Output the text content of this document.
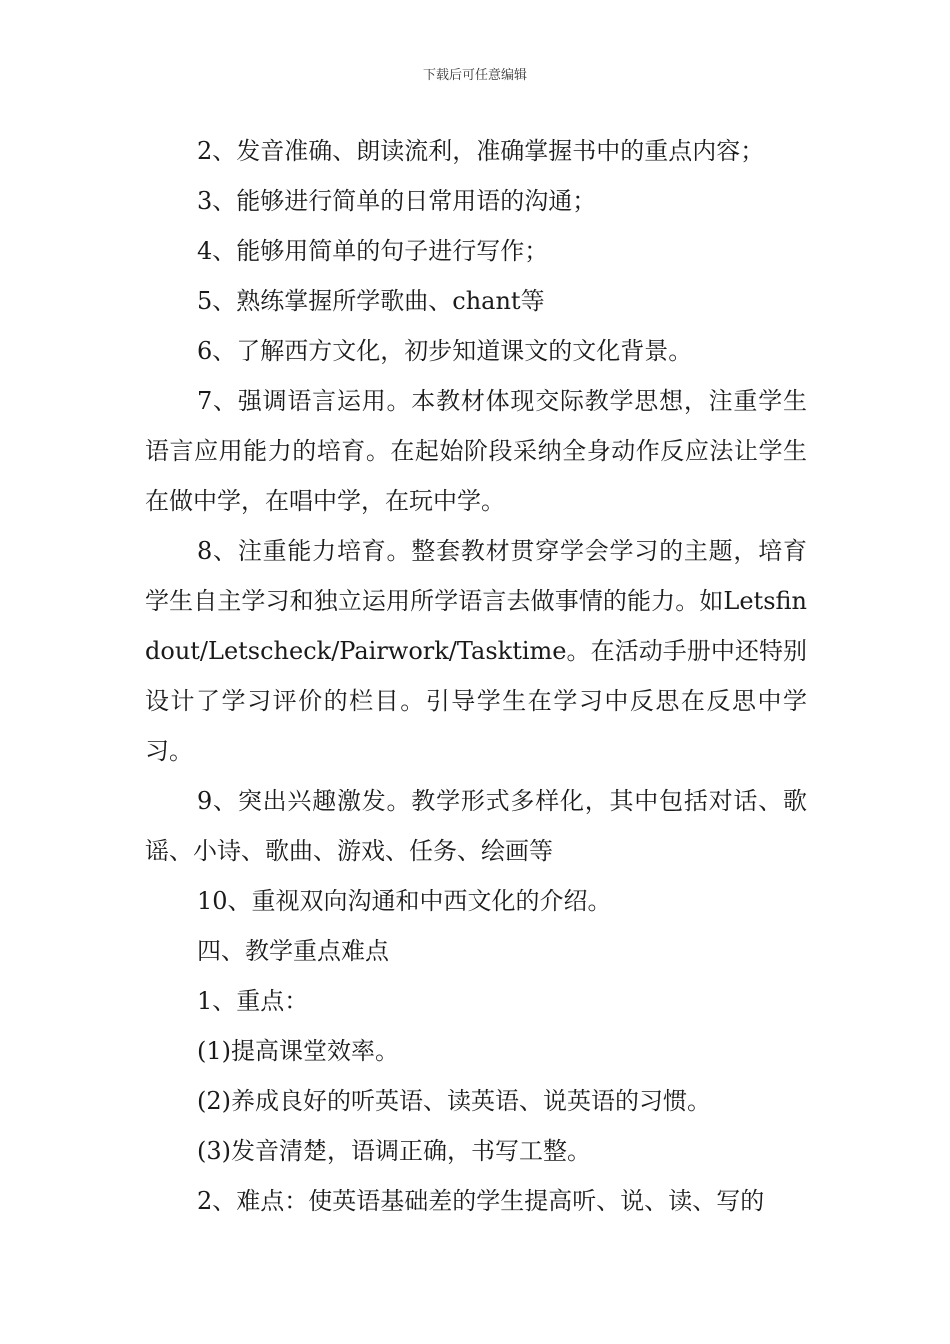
下载后可任意编辑

2、发音准确、朗读流利，准确掌握书中的重点内容；

3、能够进行简单的日常用语的沟通；

4、能够用简单的句子进行写作；

5、熟练掌握所学歌曲、chant等

6、了解西方文化，初步知道课文的文化背景。

7、强调语言运用。本教材体现交际教学思想，注重学生语言应用能力的培育。在起始阶段采纳全身动作反应法让学生在做中学，在唱中学，在玩中学。

8、注重能力培育。整套教材贯穿学会学习的主题，培育学生自主学习和独立运用所学语言去做事情的能力。如Letsfindout/Letscheck/Pairwork/Tasktime。在活动手册中还特别设计了学习评价的栏目。引导学生在学习中反思在反思中学习。

9、突出兴趣激发。教学形式多样化，其中包括对话、歌谣、小诗、歌曲、游戏、任务、绘画等

10、重视双向沟通和中西文化的介绍。

四、教学重点难点

1、重点：

(1)提高课堂效率。

(2)养成良好的听英语、读英语、说英语的习惯。

(3)发音清楚，语调正确，书写工整。

2、难点：使英语基础差的学生提高听、说、读、写的
